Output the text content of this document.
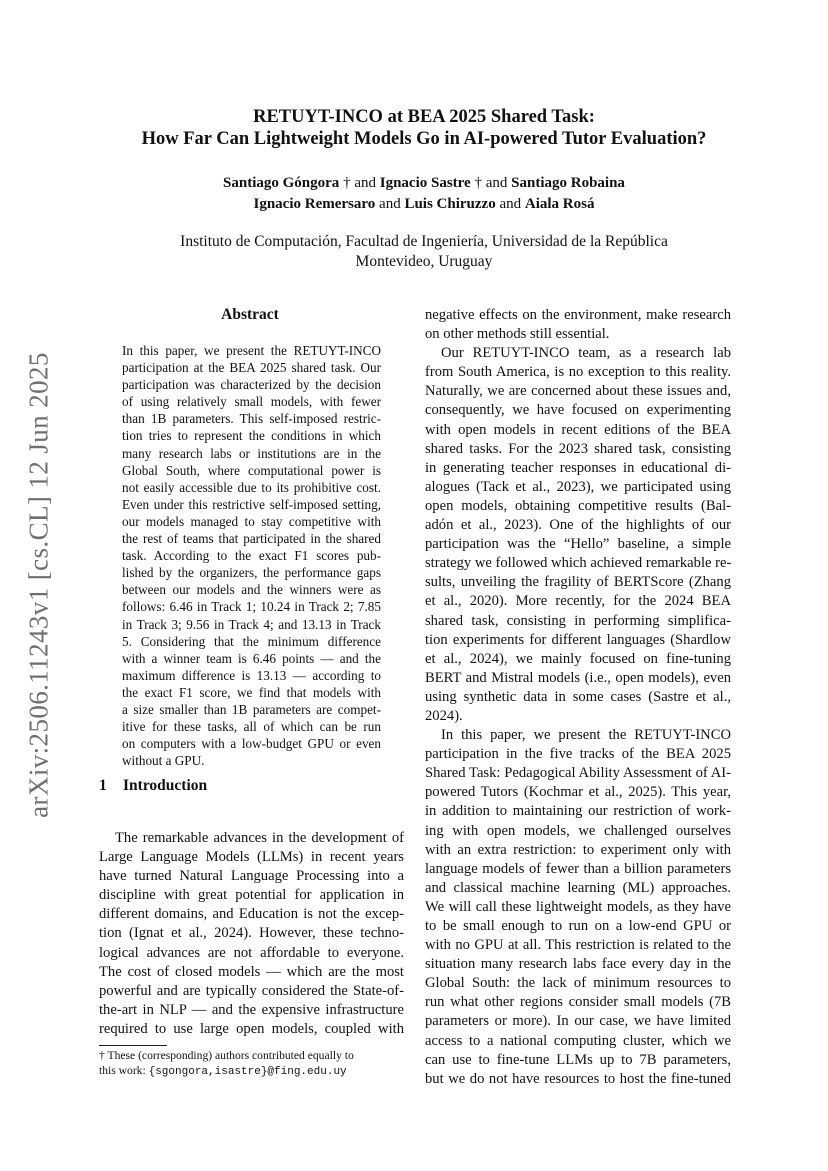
arXiv:2506.11243v1 [cs.CL] 12 Jun 2025
RETUYT-INCO at BEA 2025 Shared Task:
How Far Can Lightweight Models Go in AI-powered Tutor Evaluation?
Santiago Góngora † and Ignacio Sastre † and Santiago Robaina
Ignacio Remersaro and Luis Chiruzzo and Aiala Rosá
Instituto de Computación, Facultad de Ingeniería, Universidad de la República
Montevideo, Uruguay
Abstract
In this paper, we present the RETUYT-INCO
participation at the BEA 2025 shared task. Our
participation was characterized by the decision
of using relatively small models, with fewer
than 1B parameters. This self-imposed restric-
tion tries to represent the conditions in which
many research labs or institutions are in the
Global South, where computational power is
not easily accessible due to its prohibitive cost.
Even under this restrictive self-imposed setting,
our models managed to stay competitive with
the rest of teams that participated in the shared
task. According to the exact F1 scores pub-
lished by the organizers, the performance gaps
between our models and the winners were as
follows: 6.46 in Track 1; 10.24 in Track 2; 7.85
in Track 3; 9.56 in Track 4; and 13.13 in Track
5. Considering that the minimum difference
with a winner team is 6.46 points — and the
maximum difference is 13.13 — according to
the exact F1 score, we find that models with
a size smaller than 1B parameters are compet-
itive for these tasks, all of which can be run
on computers with a low-budget GPU or even
without a GPU.
1 Introduction
The remarkable advances in the development of
Large Language Models (LLMs) in recent years
have turned Natural Language Processing into a
discipline with great potential for application in
different domains, and Education is not the excep-
tion (Ignat et al., 2024). However, these techno-
logical advances are not affordable to everyone.
The cost of closed models — which are the most
powerful and are typically considered the State-of-
the-art in NLP — and the expensive infrastructure
required to use large open models, coupled with
negative effects on the environment, make research
on other methods still essential.
Our RETUYT-INCO team, as a research lab
from South America, is no exception to this reality.
Naturally, we are concerned about these issues and,
consequently, we have focused on experimenting
with open models in recent editions of the BEA
shared tasks. For the 2023 shared task, consisting
in generating teacher responses in educational di-
alogues (Tack et al., 2023), we participated using
open models, obtaining competitive results (Bal-
adón et al., 2023). One of the highlights of our
participation was the “Hello” baseline, a simple
strategy we followed which achieved remarkable re-
sults, unveiling the fragility of BERTScore (Zhang
et al., 2020). More recently, for the 2024 BEA
shared task, consisting in performing simplifica-
tion experiments for different languages (Shardlow
et al., 2024), we mainly focused on fine-tuning
BERT and Mistral models (i.e., open models), even
using synthetic data in some cases (Sastre et al.,
2024).
In this paper, we present the RETUYT-INCO
participation in the five tracks of the BEA 2025
Shared Task: Pedagogical Ability Assessment of AI-
powered Tutors (Kochmar et al., 2025). This year,
in addition to maintaining our restriction of work-
ing with open models, we challenged ourselves
with an extra restriction: to experiment only with
language models of fewer than a billion parameters
and classical machine learning (ML) approaches.
We will call these lightweight models, as they have
to be small enough to run on a low-end GPU or
with no GPU at all. This restriction is related to the
situation many research labs face every day in the
Global South: the lack of minimum resources to
run what other regions consider small models (7B
parameters or more). In our case, we have limited
access to a national computing cluster, which we
can use to fine-tune LLMs up to 7B parameters,
but we do not have resources to host the fine-tuned
† These (corresponding) authors contributed equally to
this work: {sgongora,isastre}@fing.edu.uy
